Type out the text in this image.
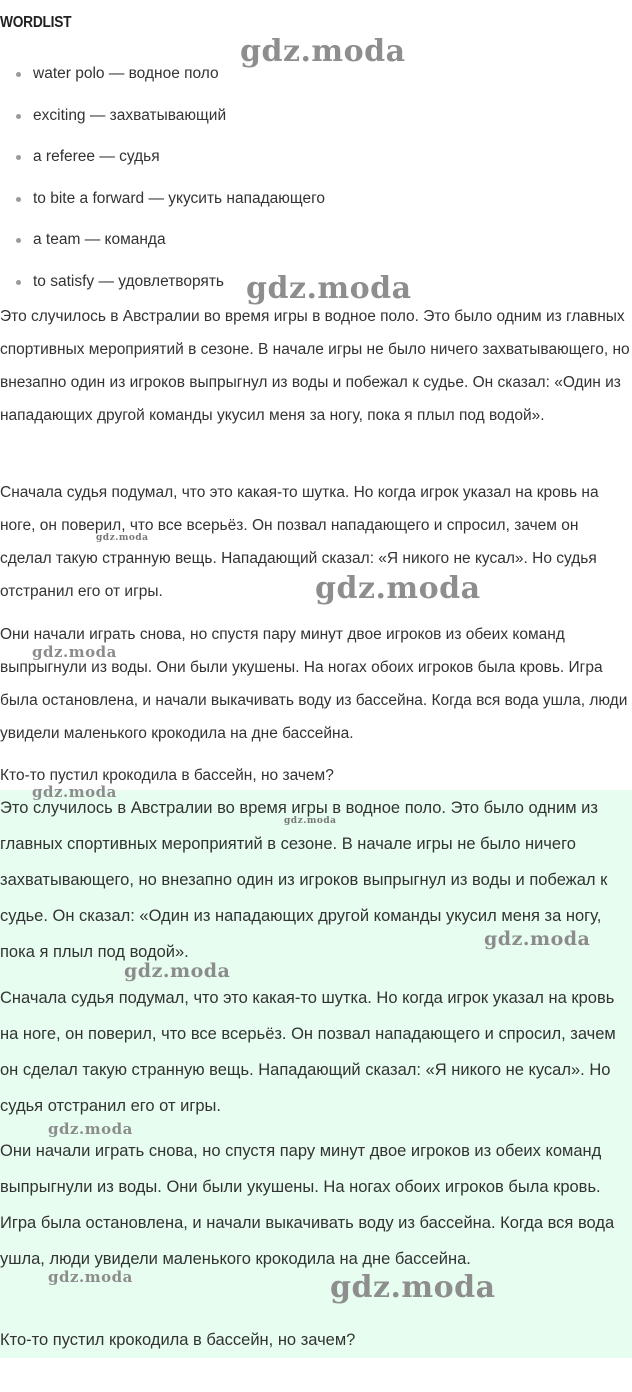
WORDLIST
water polo — водное поло
exciting — захватывающий
a referee — судья
to bite a forward — укусить нападающего
a team — команда
to satisfy — удовлетворять

Это случилось в Австралии во время игры в водное поло. Это было одним из главных спортивных мероприятий в сезоне. В начале игры не было ничего захватывающего, но внезапно один из игроков выпрыгнул из воды и побежал к судье. Он сказал: «Один из нападающих другой команды укусил меня за ногу, пока я плыл под водой».

Сначала судья подумал, что это какая-то шутка. Но когда игрок указал на кровь на ноге, он поверил, что все всерьёз. Он позвал нападающего и спросил, зачем он сделал такую странную вещь. Нападающий сказал: «Я никого не кусал». Но судья отстранил его от игры.

Они начали играть снова, но спустя пару минут двое игроков из обеих команд выпрыгнули из воды. Они были укушены. На ногах обоих игроков была кровь. Игра была остановлена, и начали выкачивать воду из бассейна. Когда вся вода ушла, люди увидели маленького крокодила на дне бассейна.

Кто-то пустил крокодила в бассейн, но зачем?

Это случилось в Австралии во время игры в водное поло. Это было одним из главных спортивных мероприятий в сезоне. В начале игры не было ничего захватывающего, но внезапно один из игроков выпрыгнул из воды и побежал к судье. Он сказал: «Один из нападающих другой команды укусил меня за ногу, пока я плыл под водой».

Сначала судья подумал, что это какая-то шутка. Но когда игрок указал на кровь на ноге, он поверил, что все всерьёз. Он позвал нападающего и спросил, зачем он сделал такую странную вещь. Нападающий сказал: «Я никого не кусал». Но судья отстранил его от игры.

Они начали играть снова, но спустя пару минут двое игроков из обеих команд выпрыгнули из воды. Они были укушены. На ногах обоих игроков была кровь. Игра была остановлена, и начали выкачивать воду из бассейна. Когда вся вода ушла, люди увидели маленького крокодила на дне бассейна.

Кто-то пустил крокодила в бассейн, но зачем?

gdz.moda
gdz.moda
gdz.moda
gdz.moda
gdz.moda
gdz.moda
gdz.moda
gdz.moda
gdz.moda
gdz.moda
gdz.moda
gdz.moda
